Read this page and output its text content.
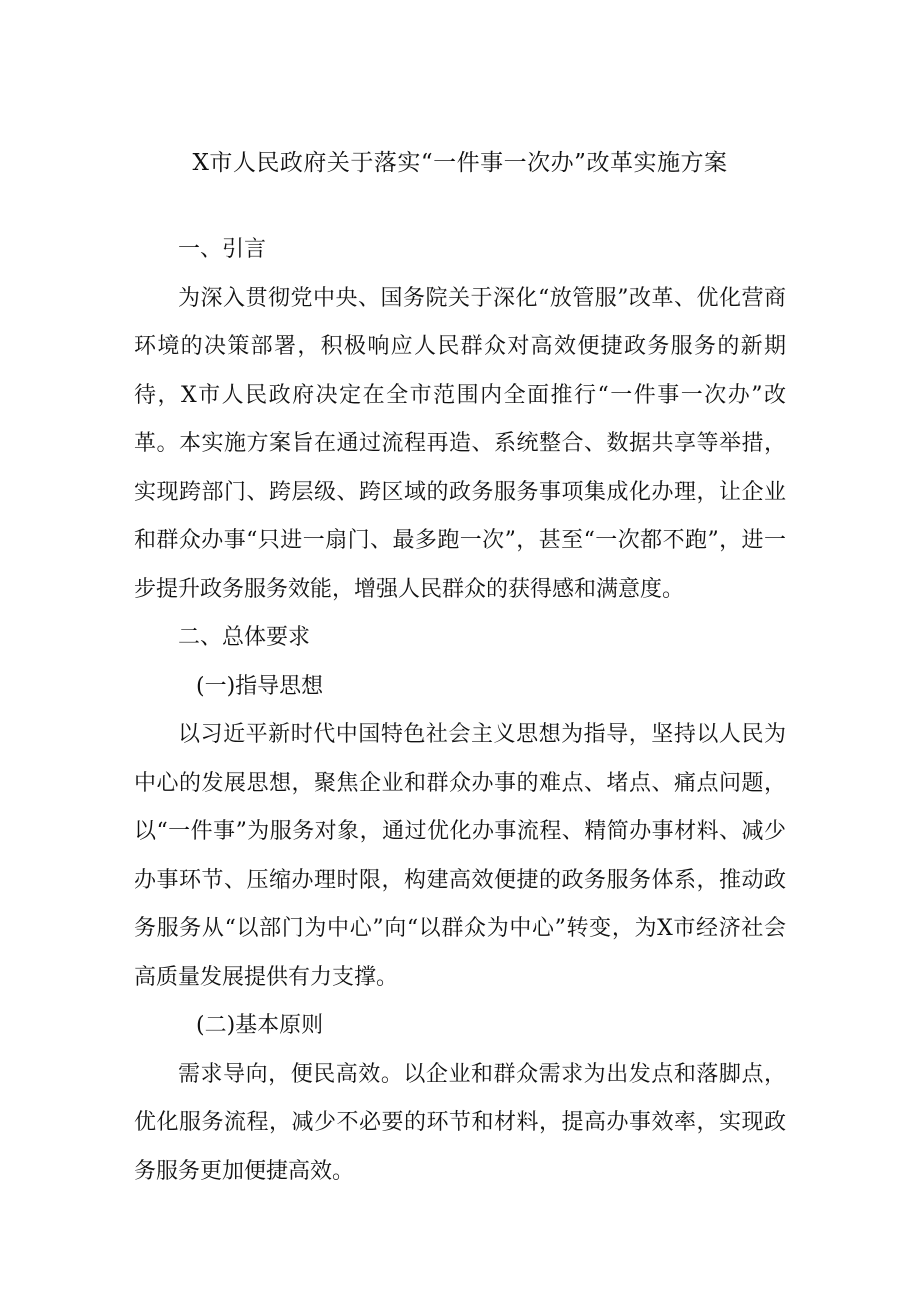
X市人民政府关于落实“一件事一次办”改革实施方案

一、引言

为深入贯彻党中央、国务院关于深化“放管服”改革、优化营商环境的决策部署，积极响应人民群众对高效便捷政务服务的新期待，X市人民政府决定在全市范围内全面推行“一件事一次办”改革。本实施方案旨在通过流程再造、系统整合、数据共享等举措，实现跨部门、跨层级、跨区域的政务服务事项集成化办理，让企业和群众办事“只进一扇门、最多跑一次”，甚至“一次都不跑”，进一步提升政务服务效能，增强人民群众的获得感和满意度。

二、总体要求

(一)指导思想

以习近平新时代中国特色社会主义思想为指导，坚持以人民为中心的发展思想，聚焦企业和群众办事的难点、堵点、痛点问题，以“一件事”为服务对象，通过优化办事流程、精简办事材料、减少办事环节、压缩办理时限，构建高效便捷的政务服务体系，推动政务服务从“以部门为中心”向“以群众为中心”转变，为X市经济社会高质量发展提供有力支撑。

(二)基本原则

需求导向，便民高效。以企业和群众需求为出发点和落脚点，优化服务流程，减少不必要的环节和材料，提高办事效率，实现政务服务更加便捷高效。
